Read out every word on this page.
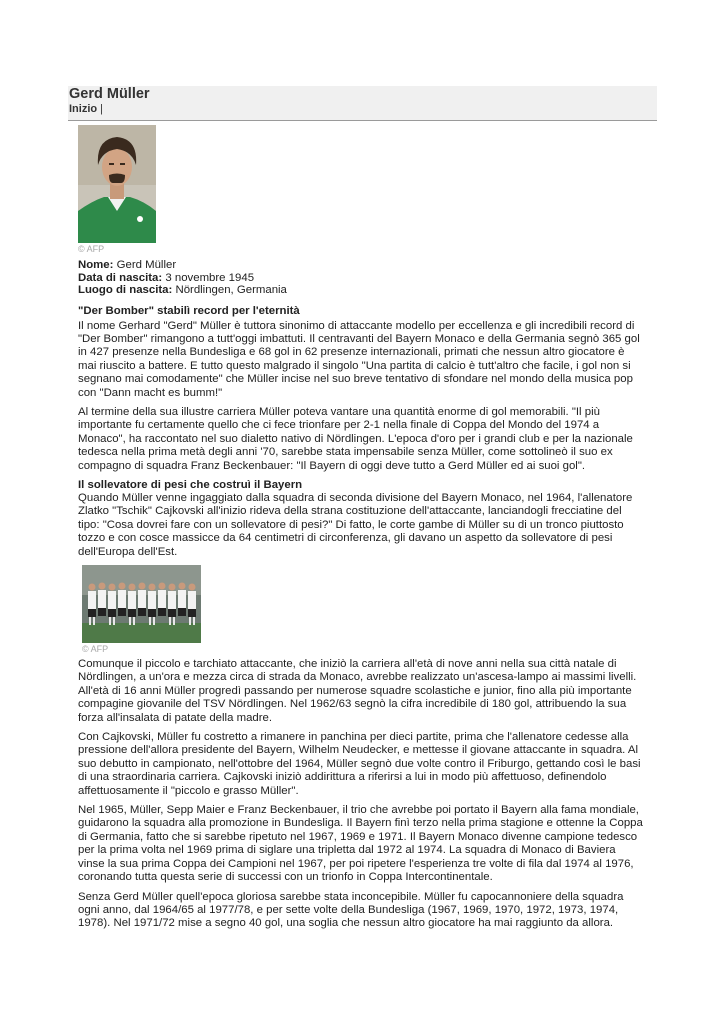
Gerd Müller
Inizio |
© AFP
Nome: Gerd Müller
Data di nascita: 3 novembre 1945
Luogo di nascita: Nördlingen, Germania
"Der Bomber" stabilì record per l'eternità

Il nome Gerhard "Gerd" Müller è tuttora sinonimo di attaccante modello per eccellenza e gli incredibili record di "Der Bomber" rimangono a tutt'oggi imbattuti. Il centravanti del Bayern Monaco e della Germania segnò 365 gol in 427 presenze nella Bundesliga e 68 gol in 62 presenze internazionali, primati che nessun altro giocatore è mai riuscito a battere. E tutto questo malgrado il singolo "Una partita di calcio è tutt'altro che facile, i gol non si segnano mai comodamente" che Müller incise nel suo breve tentativo di sfondare nel mondo della musica pop con "Dann macht es bumm!"

Al termine della sua illustre carriera Müller poteva vantare una quantità enorme di gol memorabili. "Il più importante fu certamente quello che ci fece trionfare per 2-1 nella finale di Coppa del Mondo del 1974 a Monaco", ha raccontato nel suo dialetto nativo di Nördlingen. L'epoca d'oro per i grandi club e per la nazionale tedesca nella prima metà degli anni '70, sarebbe stata impensabile senza Müller, come sottolineò il suo ex compagno di squadra Franz Beckenbauer: "Il Bayern di oggi deve tutto a Gerd Müller ed ai suoi gol".

Il sollevatore di pesi che costruì il Bayern

Quando Müller venne ingaggiato dalla squadra di seconda divisione del Bayern Monaco, nel 1964, l'allenatore Zlatko "Tschik" Cajkovski all'inizio rideva della strana costituzione dell'attaccante, lanciandogli frecciatine del tipo: "Cosa dovrei fare con un sollevatore di pesi?" Di fatto, le corte gambe di Müller su di un tronco piuttosto tozzo e con cosce massicce da 64 centimetri di circonferenza, gli davano un aspetto da sollevatore di pesi dell'Europa dell'Est.

© AFP

Comunque il piccolo e tarchiato attaccante, che iniziò la carriera all'età di nove anni nella sua città natale di Nördlingen, a un'ora e mezza circa di strada da Monaco, avrebbe realizzato un'ascesa-lampo ai massimi livelli. All'età di 16 anni Müller progredì passando per numerose squadre scolastiche e junior, fino alla più importante compagine giovanile del TSV Nördlingen. Nel 1962/63 segnò la cifra incredibile di 180 gol, attribuendo la sua forza all'insalata di patate della madre.

Con Cajkovski, Müller fu costretto a rimanere in panchina per dieci partite, prima che l'allenatore cedesse alla pressione dell'allora presidente del Bayern, Wilhelm Neudecker, e mettesse il giovane attaccante in squadra. Al suo debutto in campionato, nell'ottobre del 1964, Müller segnò due volte contro il Friburgo, gettando così le basi di una straordinaria carriera. Cajkovski iniziò addirittura a riferirsi a lui in modo più affettuoso, definendolo affettuosamente il "piccolo e grasso Müller".

Nel 1965, Müller, Sepp Maier e Franz Beckenbauer, il trio che avrebbe poi portato il Bayern alla fama mondiale, guidarono la squadra alla promozione in Bundesliga. Il Bayern finì terzo nella prima stagione e ottenne la Coppa di Germania, fatto che si sarebbe ripetuto nel 1967, 1969 e 1971. Il Bayern Monaco divenne campione tedesco per la prima volta nel 1969 prima di siglare una tripletta dal 1972 al 1974. La squadra di Monaco di Baviera vinse la sua prima Coppa dei Campioni nel 1967, per poi ripetere l'esperienza tre volte di fila dal 1974 al 1976, coronando tutta questa serie di successi con un trionfo in Coppa Intercontinentale.

Senza Gerd Müller quell'epoca gloriosa sarebbe stata inconcepibile. Müller fu capocannoniere della squadra ogni anno, dal 1964/65 al 1977/78, e per sette volte della Bundesliga (1967, 1969, 1970, 1972, 1973, 1974, 1978). Nel 1971/72 mise a segno 40 gol, una soglia che nessun altro giocatore ha mai raggiunto da allora.
